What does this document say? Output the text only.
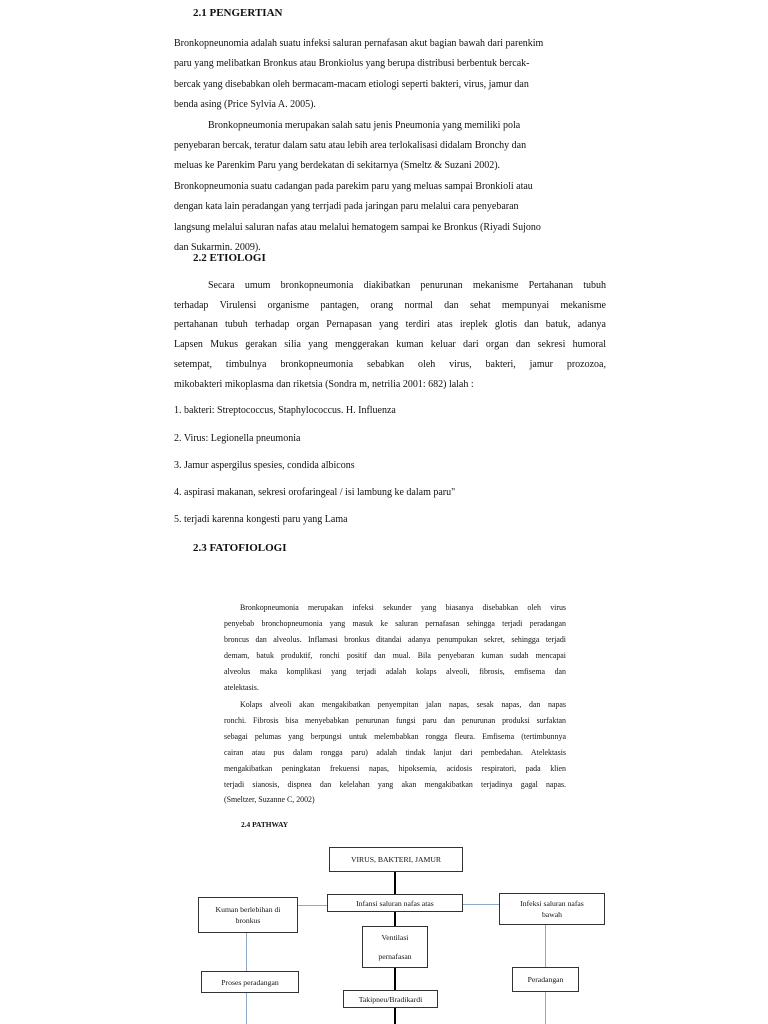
2.1 PENGERTIAN
Bronkopneunomia adalah suatu infeksi saluran pernafasan akut bagian bawah dari parenkim
paru yang melibatkan Bronkus atau Bronkiolus yang berupa distribusi berbentuk bercak-
bercak yang disebabkan oleh bermacam-macam etiologi seperti bakteri, virus, jamur dan
benda asing (Price Sylvia A. 2005).
Bronkopneumonia merupakan salah satu jenis Pneumonia yang memiliki pola
penyebaran bercak, teratur dalam satu atau lebih area terlokalisasi didalam Bronchy dan
meluas ke Parenkim Paru yang berdekatan di sekitarnya (Smeltz & Suzani 2002).
Bronkopneumonia suatu cadangan pada parekim paru yang meluas sampai Bronkioli atau
dengan kata lain peradangan yang terrjadi pada jaringan paru melalui cara penyebaran
langsung melalui saluran nafas atau melalui hematogem sampai ke Bronkus (Riyadi Sujono
dan Sukarmin. 2009).
2.2 ETIOLOGI
Secara umum bronkopneumonia diakibatkan penurunan mekanisme Pertahanan tubuh
terhadap Virulensi organisme pantagen, orang normal dan sehat mempunyai mekanisme
pertahanan tubuh terhadap organ Pernapasan yang terdiri atas ireplek glotis dan batuk, adanya
Lapsen Mukus gerakan silia yang menggerakan kuman keluar dari organ dan sekresi humoral
setempat, timbulnya bronkopneumonia sebabkan oleh virus, bakteri, jamur prozozoa,
mikobakteri mikoplasma dan riketsia (Sondra m, netrilia 2001: 682) lalah :
1. bakteri: Streptococcus, Staphylococcus. H. Influenza
2. Virus: Legionella pneumonia
3. Jamur aspergilus spesies, condida albicons
4. aspirasi makanan, sekresi orofaringeal / isi lambung ke dalam paru"
5. terjadi karenna kongesti paru yang Lama
2.3 FATOFIOLOGI
Bronkopneumonia merupakan infeksi sekunder yang biasanya disebabkan oleh virus
penyebab bronchopneumonia yang masuk ke saluran pernafasan sehingga terjadi peradangan
broncus dan alveolus. Inflamasi bronkus ditandai adanya penumpukan sekret, sehingga terjadi
demam, batuk produktif, ronchi positif dan mual. Bila penyebaran kuman sudah mencapai
alveolus maka komplikasi yang terjadi adalah kolaps alveoli, fibrosis, emfisema dan
atelektasis.
Kolaps alveoli akan mengakibatkan penyempitan jalan napas, sesak napas, dan napas
ronchi. Fibrosis bisa menyebabkan penurunan fungsi paru dan penurunan produksi surfaktan
sebagai pelumas yang berpungsi untuk melembabkan rongga fleura. Emfisema (tertimbunnya
cairan atau pus dalam rongga paru) adalah tindak lanjut dari pembedahan. Atelektasis
mengakibatkan peningkatan frekuensi napas, hipoksemia, acidosis respiratori, pada klien
terjadi sianosis, dispnea dan kelelahan yang akan mengakibatkan terjadinya gagal napas.
(Smeltzer, Suzanne C, 2002)
2.4 PATHWAY
VIRUS, BAKTERI, JAMUR
Infansi saluran nafas atas
Kuman berlebihan di bronkus
Infeksi saluran nafas bawah
Ventilasi pernafasan
Proses peradangan	Peradangan
Takipneu/Bradikardi
